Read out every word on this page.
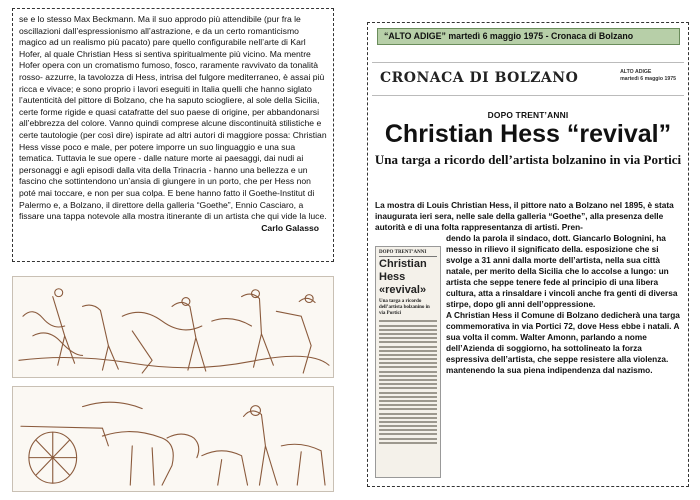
se e lo stesso Max Beckmann. Ma il suo approdo più attendibile (pur fra le oscillazioni dall’espressionismo all’astrazione, e da un certo romanticismo magico ad un realismo più pacato) pare quello configurabile nell’arte di Karl Hofer, al quale Christian Hess si sentiva spiritualmente più vicino. Ma mentre Hofer opera con un cromatismo fumoso, fosco, raramente ravvivato da tonalità rosso- azzurre, la tavolozza di Hess, intrisa del fulgore mediterraneo, è assai più ricca e vivace; e sono proprio i lavori eseguiti in Italia quelli che hanno siglato l’autenticità del pittore di Bolzano, che ha saputo sciogliere, al sole della Sicilia, certe forme rigide e quasi catafratte del suo paese di origine, per abbandonarsi all’ebbrezza del colore. Vanno quindi comprese alcune discontinuità stilistiche e certe tautologie (per così dire) ispirate ad altri autori di maggiore possa: Christian Hess visse poco e male, per potere imporre un suo linguaggio e una sua tematica. Tuttavia le sue opere - dalle nature morte ai paesaggi, dai nudi ai personaggi e agli episodi dalla vita della Trinacria - hanno una bellezza e un fascino che sottintendono un’ansia di giungere in un porto, che per Hess non poté mai toccare, e non per sua colpa. E bene hanno fatto il Goethe-Institut di Palermo e, a Bolzano, il direttore della galleria “Goethe”, Ennio Casciaro, a fissare una tappa notevole alla mostra itinerante di un artista che qui vide la luce.
Carlo Galasso
“ALTO ADIGE” martedì 6 maggio 1975 - Cronaca di Bolzano
CRONACA DI BOLZANO	ALTO ADIGE
martedì 6 maggio 1975
DOPO TRENT’ANNI
Christian Hess “revival”
Una targa a ricordo dell’artista bolzanino in via Portici
La mostra di Louis Christian Hess, il pittore nato a Bolzano nel 1895, è stata inaugurata ieri sera, nelle sale della galleria “Goethe”, alla presenza delle autorità e di una folta rappresentanza di artisti. Pren-

dendo la parola il sindaco, dott. Giancarlo Bolognini, ha messo in rilievo il significato della. esposizione che si svolge a 31 anni dalla morte dell’artista, nella sua città natale, per merito della Sicilia che lo accolse a lungo: un artista che seppe tenere fede al principio di una libera cultura, atta a rinsaldare i vincoli anche fra genti di diversa stirpe, dopo gli anni dell’oppressione.

A Christian Hess il Comune di Bolzano dedicherà una targa commemorativa in via Portici 72, dove Hess ebbe i natali. A sua volta il comm. Walter Amonn, parlando a nome dell’Azienda di soggiorno, ha sottolineato la forza espressiva dell’artista, che seppe resistere alla violenza. mantenendo la sua piena indipendenza dal nazismo.

DOPO TRENT’ANNI
Christian
Hess
«revival»
Una targa a ricordo dell’artista bolzanino in via Portici
